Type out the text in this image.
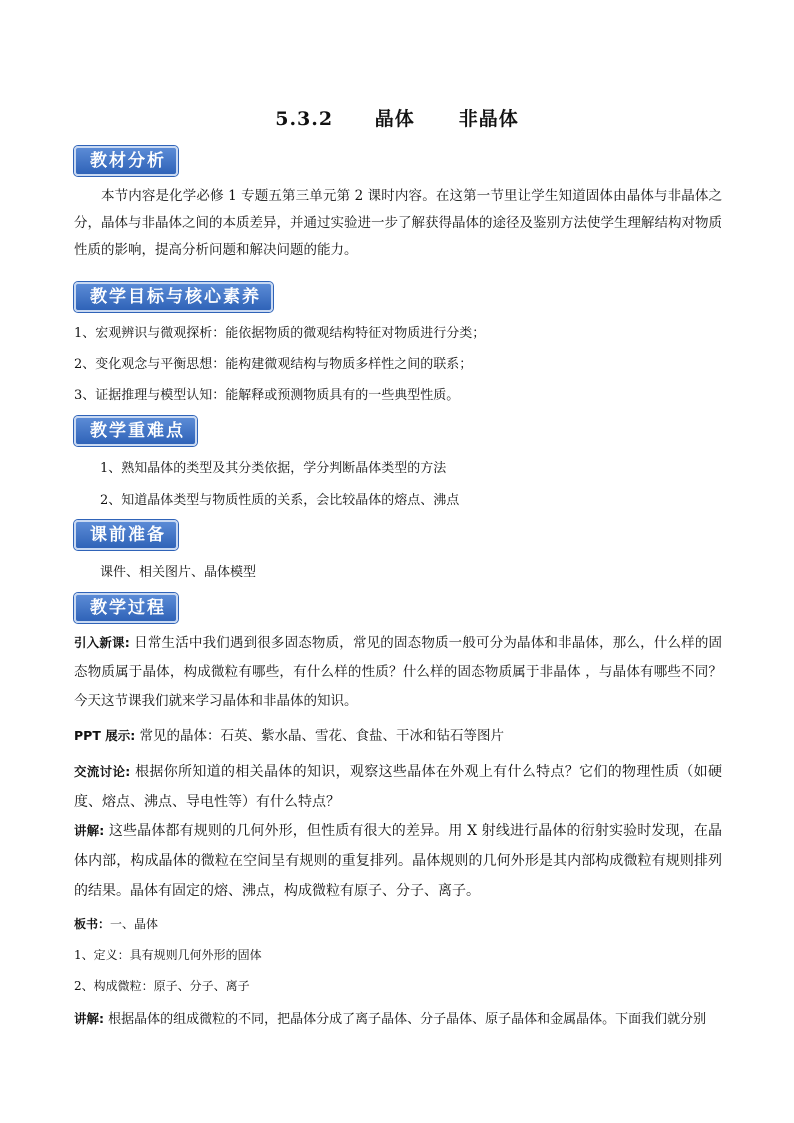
5.3.2 晶体 非晶体
教材分析
本节内容是化学必修 1 专题五第三单元第 2 课时内容。在这第一节里让学生知道固体由晶体与非晶体之分，晶体与非晶体之间的本质差异，并通过实验进一步了解获得晶体的途径及鉴别方法使学生理解结构对物质性质的影响，提高分析问题和解决问题的能力。
教学目标与核心素养
1、宏观辨识与微观探析：能依据物质的微观结构特征对物质进行分类；
2、变化观念与平衡思想：能构建微观结构与物质多样性之间的联系；
3、证据推理与模型认知：能解释或预测物质具有的一些典型性质。
教学重难点
1、熟知晶体的类型及其分类依据，学分判断晶体类型的方法
2、知道晶体类型与物质性质的关系，会比较晶体的熔点、沸点
课前准备
课件、相关图片、晶体模型
教学过程
引入新课: 日常生活中我们遇到很多固态物质，常见的固态物质一般可分为晶体和非晶体，那么，什么样的固态物质属于晶体，构成微粒有哪些，有什么样的性质？什么样的固态物质属于非晶体 ，与晶体有哪些不同？今天这节课我们就来学习晶体和非晶体的知识。
PPT 展示: 常见的晶体：石英、紫水晶、雪花、食盐、干冰和钻石等图片
交流讨论: 根据你所知道的相关晶体的知识，观察这些晶体在外观上有什么特点？它们的物理性质（如硬度、熔点、沸点、导电性等）有什么特点？
讲解: 这些晶体都有规则的几何外形，但性质有很大的差异。用 X 射线进行晶体的衍射实验时发现，在晶体内部，构成晶体的微粒在空间呈有规则的重复排列。晶体规则的几何外形是其内部构成微粒有规则排列的结果。晶体有固定的熔、沸点，构成微粒有原子、分子、离子。
板书：一、晶体
1、定义：具有规则几何外形的固体
2、构成微粒：原子、分子、离子
讲解: 根据晶体的组成微粒的不同，把晶体分成了离子晶体、分子晶体、原子晶体和金属晶体。下面我们就分别
